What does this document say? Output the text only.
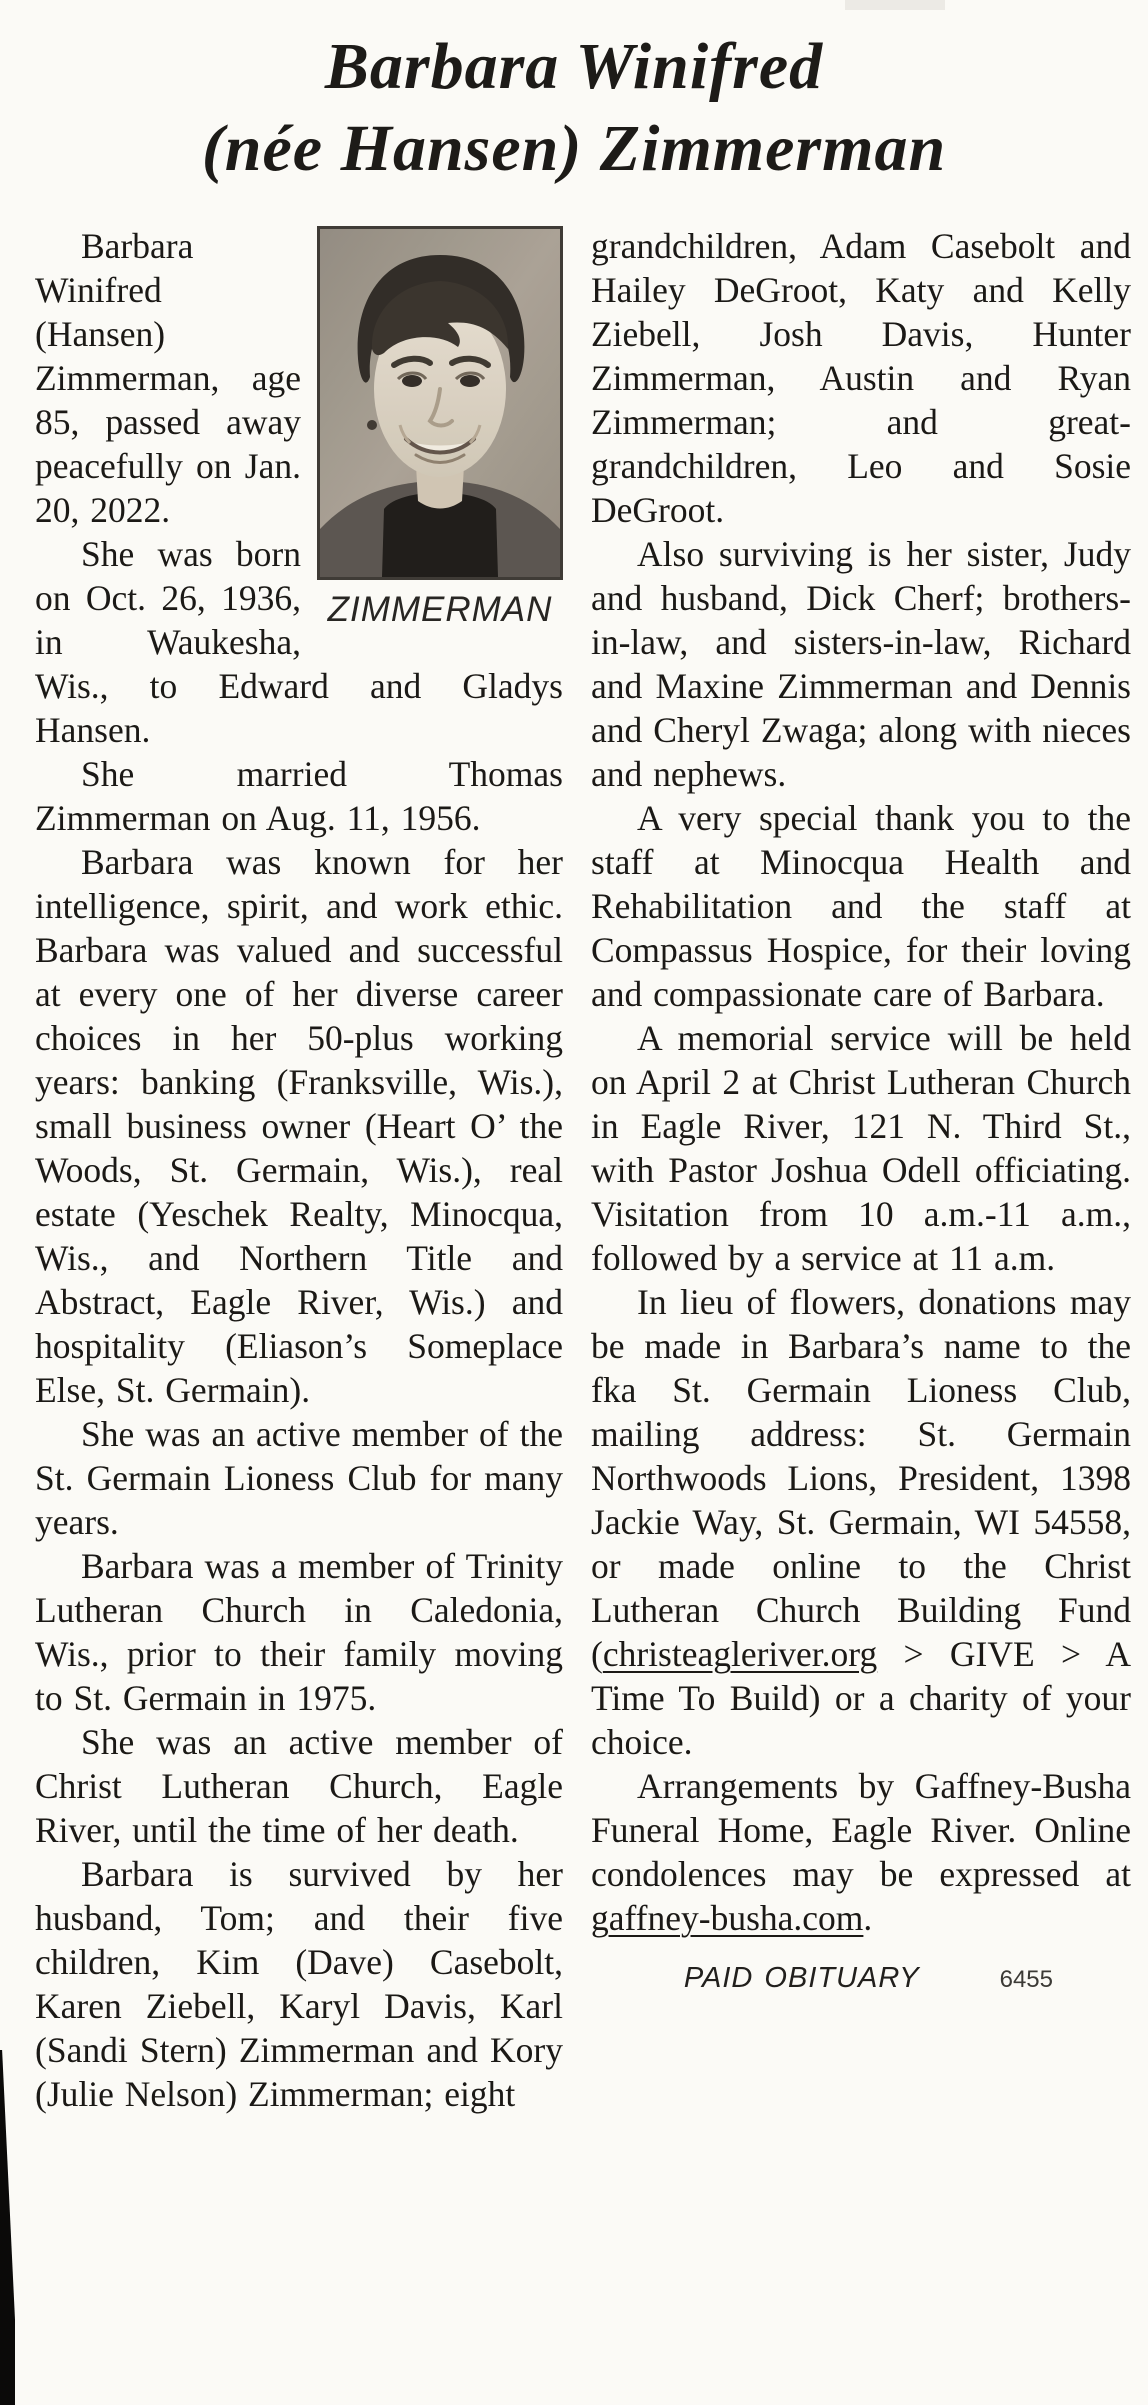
Barbara Winifred
(née Hansen) Zimmerman

ZIMMERMAN
Barbara Winifred (Hansen) Zimmerman, age 85, passed away peacefully on Jan. 20, 2022.

She was born on Oct. 26, 1936, in Waukesha, Wis., to Edward and Gladys Hansen.

She married Thomas Zimmerman on Aug. 11, 1956.

Barbara was known for her intelligence, spirit, and work ethic. Barbara was valued and successful at every one of her diverse career choices in her 50-plus working years: banking (Franksville, Wis.), small business owner (Heart O’ the Woods, St. Germain, Wis.), real estate (Yeschek Realty, Minocqua, Wis., and Northern Title and Abstract, Eagle River, Wis.) and hospitality (Eliason’s Someplace Else, St. Germain).

She was an active member of the St. Germain Lioness Club for many years.

Barbara was a member of Trinity Lutheran Church in Caledonia, Wis., prior to their family moving to St. Germain in 1975.

She was an active member of Christ Lutheran Church, Eagle River, until the time of her death.

Barbara is survived by her husband, Tom; and their five children, Kim (Dave) Casebolt, Karen Ziebell, Karyl Davis, Karl (Sandi Stern) Zimmerman and Kory (Julie Nelson) Zimmerman; eight

grandchildren, Adam Casebolt and Hailey DeGroot, Katy and Kelly Ziebell, Josh Davis, Hunter Zimmerman, Austin and Ryan Zimmerman; and great-grandchildren, Leo and Sosie DeGroot.

Also surviving is her sister, Judy and husband, Dick Cherf; brothers-in-law, and sisters-in-law, Richard and Maxine Zimmerman and Dennis and Cheryl Zwaga; along with nieces and nephews.

A very special thank you to the staff at Minocqua Health and Rehabilitation and the staff at Compassus Hospice, for their loving and compassionate care of Barbara.

A memorial service will be held on April 2 at Christ Lutheran Church in Eagle River, 121 N. Third St., with Pastor Joshua Odell officiating. Visitation from 10 a.m.-11 a.m., followed by a service at 11 a.m.

In lieu of flowers, donations may be made in Barbara’s name to the fka St. Germain Lioness Club, mailing address: St. Germain Northwoods Lions, President, 1398 Jackie Way, St. Germain, WI 54558, or made online to the Christ Lutheran Church Building Fund (christeagleriver.org > GIVE > A Time To Build) or a charity of your choice.

Arrangements by Gaffney-Busha Funeral Home, Eagle River. Online condolences may be expressed at gaffney-busha.com.

PAID OBITUARY	6455
